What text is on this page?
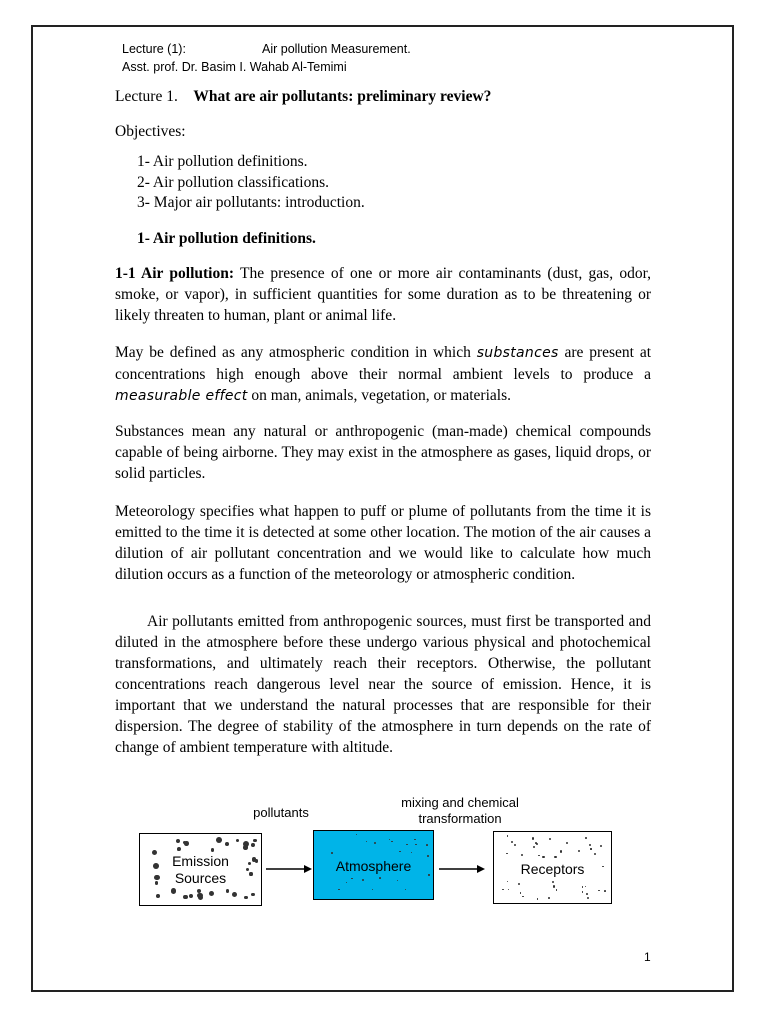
Lecture (1):	Air pollution Measurement.
Asst. prof. Dr. Basim I. Wahab Al-Temimi
Lecture 1. What are air pollutants: preliminary review?
Objectives:
1- Air pollution definitions.
2- Air pollution classifications.
3- Major air pollutants: introduction.
1- Air pollution definitions.

1-1 Air pollution: The presence of one or more air contaminants (dust, gas, odor, smoke, or vapor), in sufficient quantities for some duration as to be threatening or likely threaten to human, plant or animal life.

May be defined as any atmospheric condition in which substances are present at concentrations high enough above their normal ambient levels to produce a measurable effect on man, animals, vegetation, or materials.

Substances mean any natural or anthropogenic (man-made) chemical compounds capable of being airborne. They may exist in the atmosphere as gases, liquid drops, or solid particles.

Meteorology specifies what happen to puff or plume of pollutants from the time it is emitted to the time it is detected at some other location. The motion of the air causes a dilution of air pollutant concentration and we would like to calculate how much dilution occurs as a function of the meteorology or atmospheric condition.

Air pollutants emitted from anthropogenic sources, must first be transported and diluted in the atmosphere before these undergo various physical and photochemical transformations, and ultimately reach their receptors. Otherwise, the pollutant concentrations reach dangerous level near the source of emission. Hence, it is important that we understand the natural processes that are responsible for their dispersion. The degree of stability of the atmosphere in turn depends on the rate of change of ambient temperature with altitude.

pollutants
mixing and chemical
transformation
Emission
Sources
Atmosphere	Receptors
1
